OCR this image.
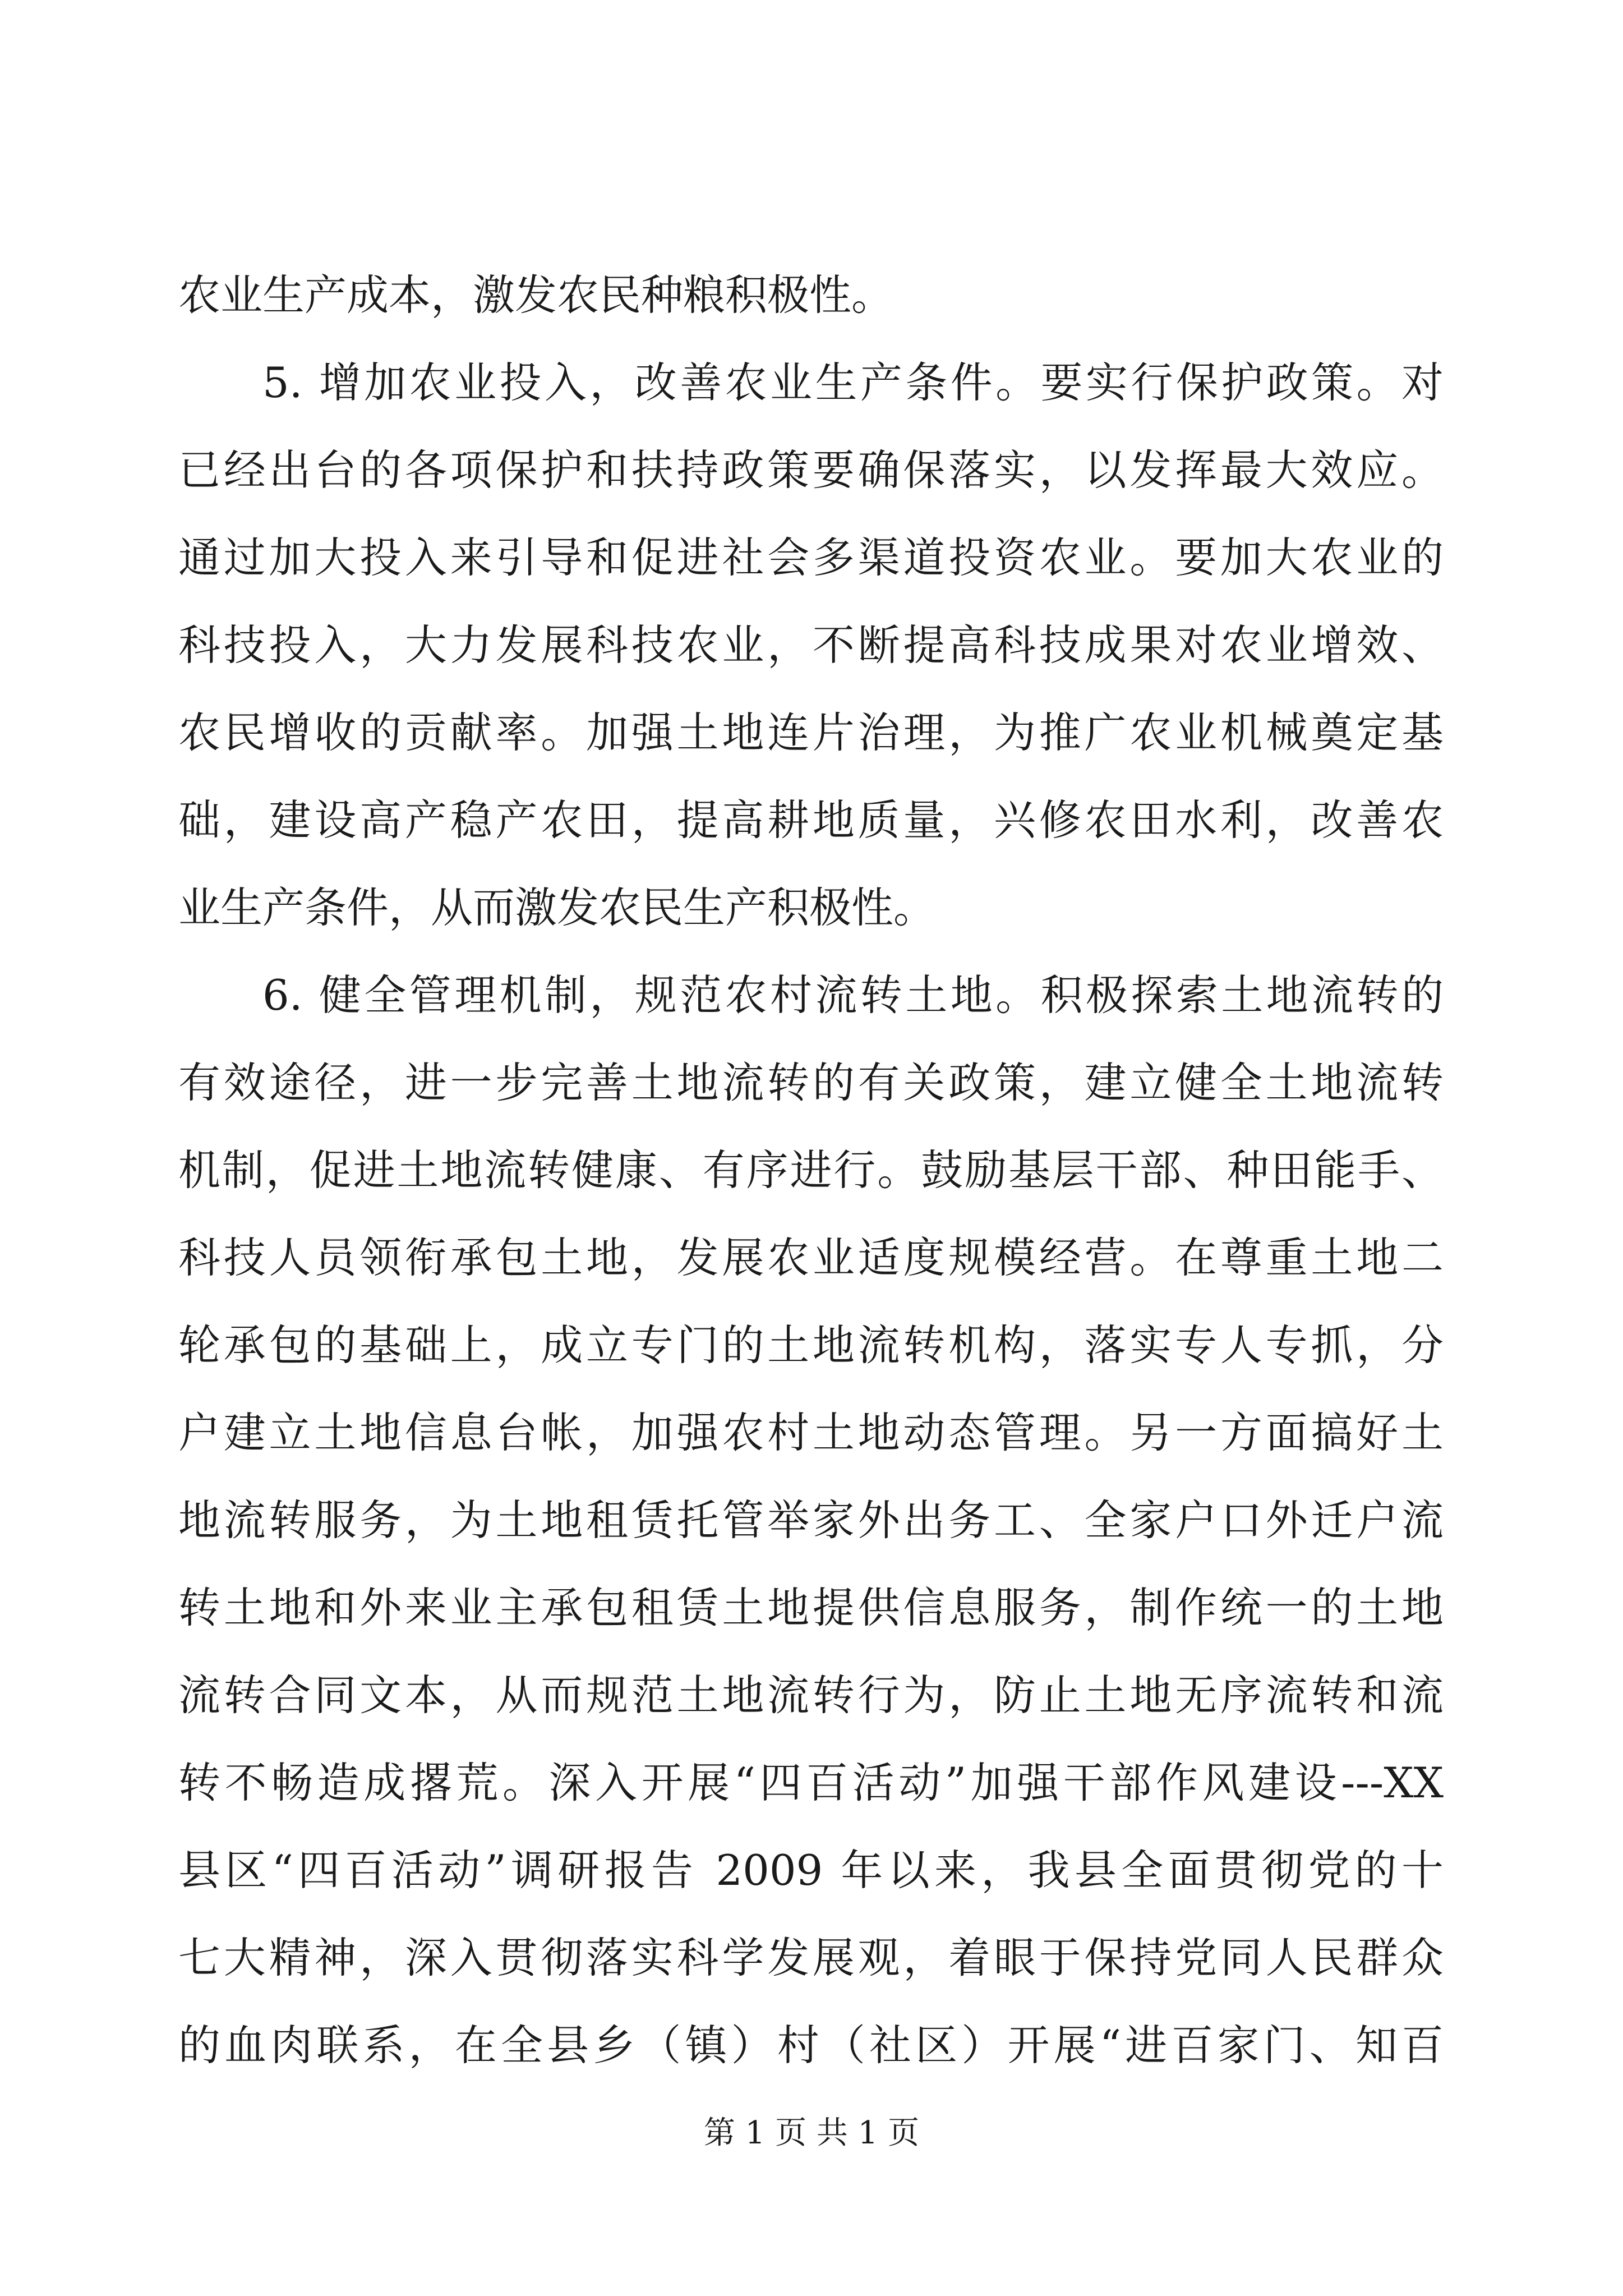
农业生产成本，激发农民种粮积极性。
5. 增加农业投入，改善农业生产条件。要实行保护政策。对
已经出台的各项保护和扶持政策要确保落实，以发挥最大效应。
通过加大投入来引导和促进社会多渠道投资农业。要加大农业的
科技投入，大力发展科技农业，不断提高科技成果对农业增效、
农民增收的贡献率。加强土地连片治理，为推广农业机械奠定基
础，建设高产稳产农田，提高耕地质量，兴修农田水利，改善农
业生产条件，从而激发农民生产积极性。
6. 健全管理机制，规范农村流转土地。积极探索土地流转的
有效途径，进一步完善土地流转的有关政策，建立健全土地流转
机制，促进土地流转健康、有序进行。鼓励基层干部、种田能手、
科技人员领衔承包土地，发展农业适度规模经营。在尊重土地二
轮承包的基础上，成立专门的土地流转机构，落实专人专抓，分
户建立土地信息台帐，加强农村土地动态管理。另一方面搞好土
地流转服务，为土地租赁托管举家外出务工、全家户口外迁户流
转土地和外来业主承包租赁土地提供信息服务，制作统一的土地
流转合同文本，从而规范土地流转行为，防止土地无序流转和流
转不畅造成撂荒。深入开展“四百活动”加强干部作风建设---XX
县区“四百活动”调研报告 2009 年以来，我县全面贯彻党的十
七大精神，深入贯彻落实科学发展观，着眼于保持党同人民群众
的血肉联系，在全县乡（镇）村（社区）开展“进百家门、知百
第 1 页 共 1 页
